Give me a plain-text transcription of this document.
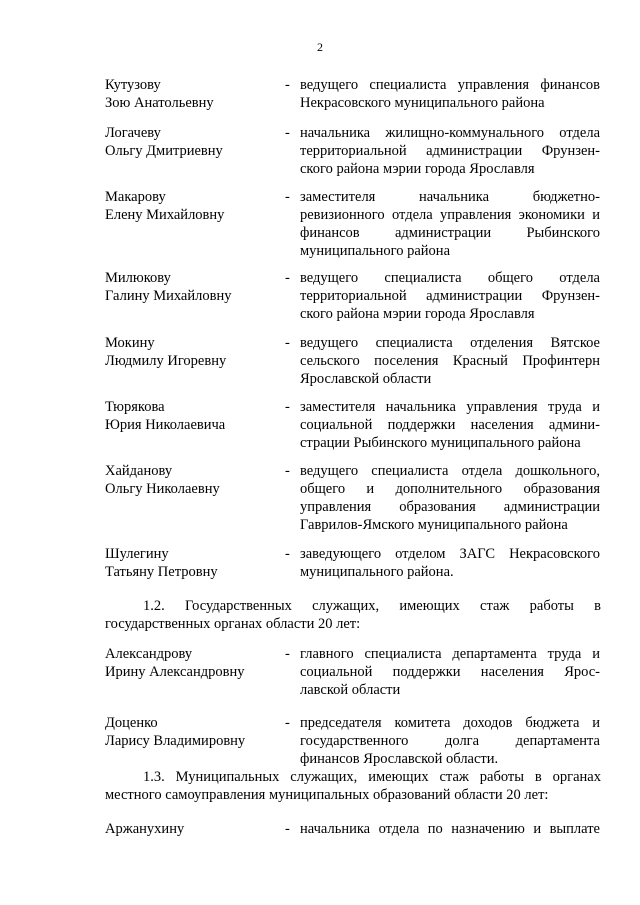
2
Кутузову
Зою Анатольевну
- ведущего специалиста управления финансов
Некрасовского муниципального района
Логачеву
Ольгу Дмитриевну
- начальника жилищно-коммунального отдела
территориальной администрации Фрунзен-
ского района мэрии города Ярославля
Макарову
Елену Михайловну
- заместителя начальника бюджетно-
ревизионного отдела управления экономики и
финансов администрации Рыбинского
муниципального района
Милюкову
Галину Михайловну
- ведущего специалиста общего отдела
территориальной администрации Фрунзен-
ского района мэрии города Ярославля
Мокину
Людмилу Игоревну
- ведущего специалиста отделения Вятское
сельского поселения Красный Профинтерн
Ярославской области
Тюрякова
Юрия Николаевича
- заместителя начальника управления труда и
социальной поддержки населения админи-
страции Рыбинского муниципального района
Хайданову
Ольгу Николаевну
- ведущего специалиста отдела дошкольного,
общего и дополнительного образования
управления образования администрации
Гаврилов-Ямского муниципального района
Шулегину
Татьяну Петровну
- заведующего отделом ЗАГС Некрасовского
муниципального района.
1.2. Государственных служащих, имеющих стаж работы в
государственных органах области 20 лет:
Александрову
Ирину Александровну
- главного специалиста департамента труда и
социальной поддержки населения Ярос-
лавской области
Доценко
Ларису Владимировну
- председателя комитета доходов бюджета и
государственного долга департамента
финансов Ярославской области.
1.3. Муниципальных служащих, имеющих стаж работы в органах
местного самоуправления муниципальных образований области 20 лет:
Аржанухину	- начальника отдела по назначению и выплате
